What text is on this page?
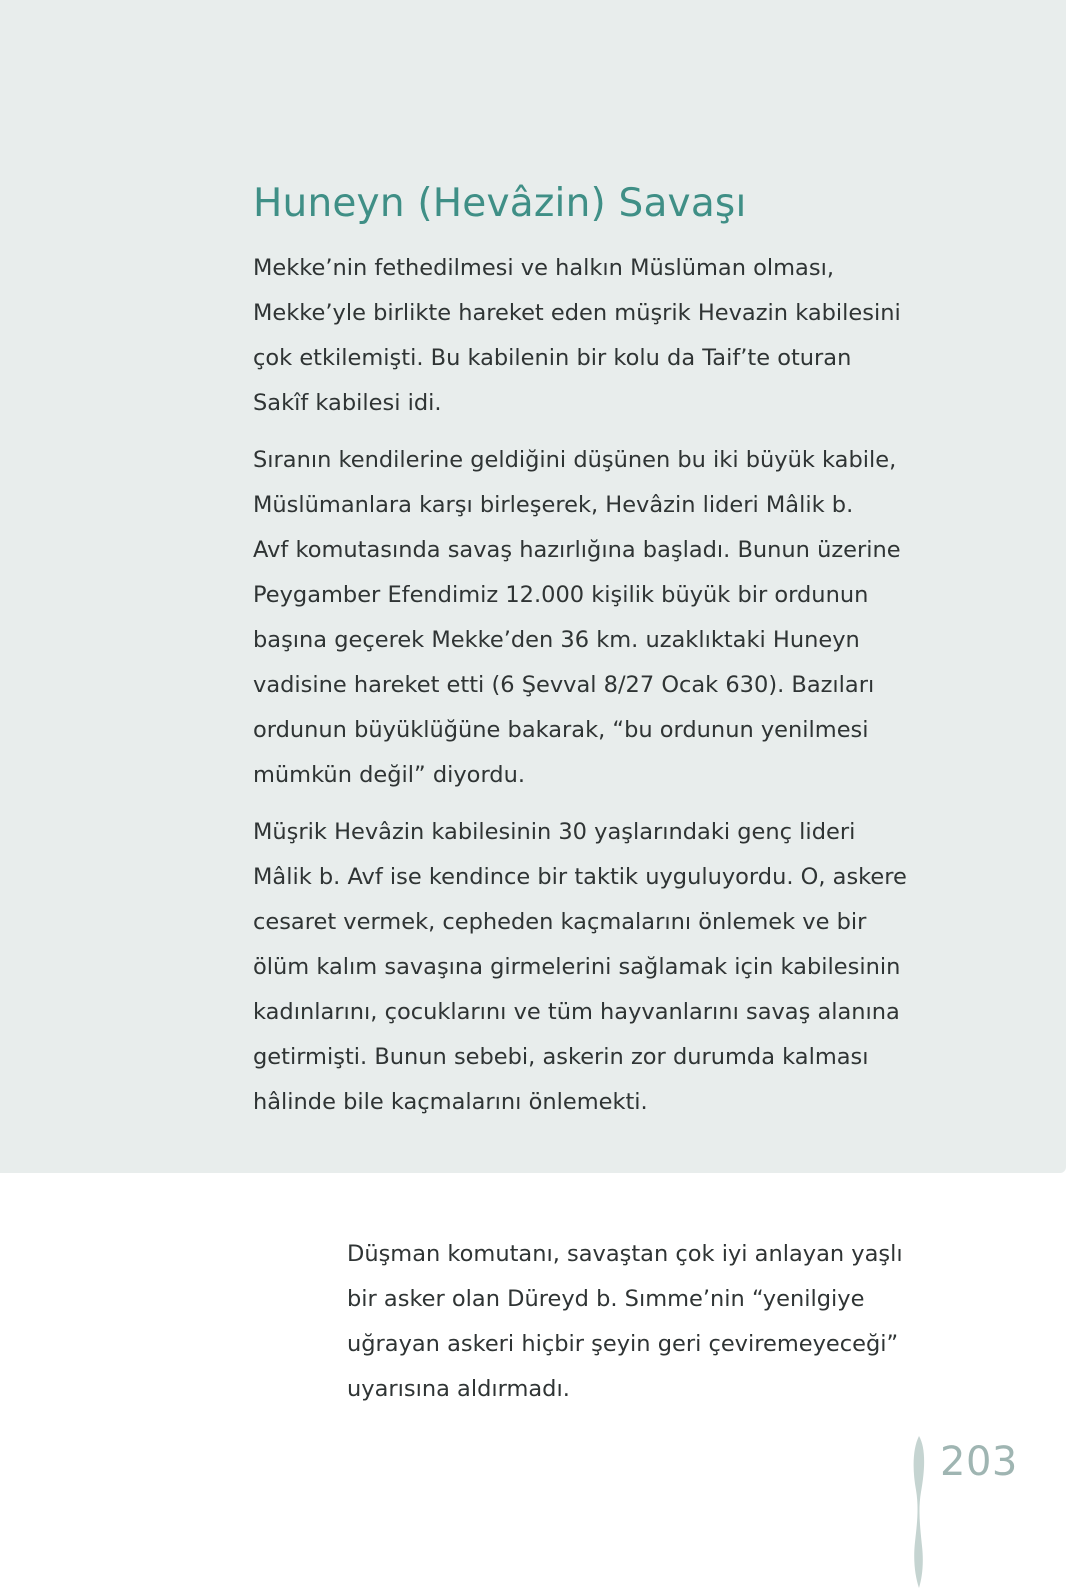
Huneyn (Hevâzin) Savaşı

Mekke’nin fethedilmesi ve halkın Müslüman olması,
Mekke’yle birlikte hareket eden müşrik Hevazin kabilesini
çok etkilemişti. Bu kabilenin bir kolu da Taif’te oturan
Sakîf kabilesi idi.

Sıranın kendilerine geldiğini düşünen bu iki büyük kabile,
Müslümanlara karşı birleşerek, Hevâzin lideri Mâlik b.
Avf komutasında savaş hazırlığına başladı. Bunun üzerine
Peygamber Efendimiz 12.000 kişilik büyük bir ordunun
başına geçerek Mekke’den 36 km. uzaklıktaki Huneyn
vadisine hareket etti (6 Şevval 8/27 Ocak 630). Bazıları
ordunun büyüklüğüne bakarak, “bu ordunun yenilmesi
mümkün değil” diyordu.

Müşrik Hevâzin kabilesinin 30 yaşlarındaki genç lideri
Mâlik b. Avf ise kendince bir taktik uyguluyordu. O, askere
cesaret vermek, cepheden kaçmalarını önlemek ve bir
ölüm kalım savaşına girmelerini sağlamak için kabilesinin
kadınlarını, çocuklarını ve tüm hayvanlarını savaş alanına
getirmişti. Bunun sebebi, askerin zor durumda kalması
hâlinde bile kaçmalarını önlemekti.

Düşman komutanı, savaştan çok iyi anlayan yaşlı
bir asker olan Düreyd b. Sımme’nin “yenilgiye
uğrayan askeri hiçbir şeyin geri çeviremeyeceği”
uyarısına aldırmadı.

203
